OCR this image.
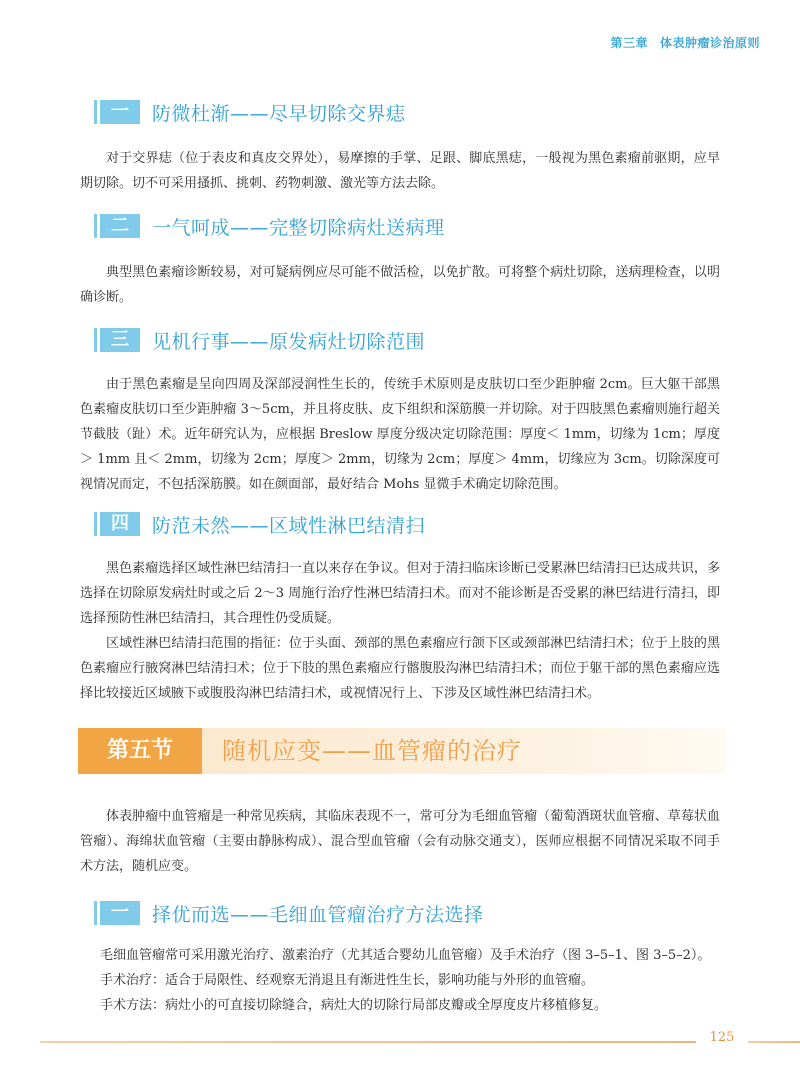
第三章 体表肿瘤诊治原则
一	防微杜渐——尽早切除交界痣

对于交界痣（位于表皮和真皮交界处），易摩擦的手掌、足跟、脚底黑痣，一般视为黑色素瘤前驱期，应早期切除。切不可采用搔抓、挑刺、药物刺激、激光等方法去除。

二	一气呵成——完整切除病灶送病理

典型黑色素瘤诊断较易，对可疑病例应尽可能不做活检，以免扩散。可将整个病灶切除，送病理检查，以明确诊断。

三	见机行事——原发病灶切除范围

由于黑色素瘤是呈向四周及深部浸润性生长的，传统手术原则是皮肤切口至少距肿瘤 2cm。巨大躯干部黑色素瘤皮肤切口至少距肿瘤 3～5cm，并且将皮肤、皮下组织和深筋膜一并切除。对于四肢黑色素瘤则施行超关节截肢（趾）术。近年研究认为，应根据 Breslow 厚度分级决定切除范围：厚度＜ 1mm，切缘为 1cm；厚度＞ 1mm 且＜ 2mm，切缘为 2cm；厚度＞ 2mm，切缘为 2cm；厚度＞ 4mm，切缘应为 3cm。切除深度可视情况而定，不包括深筋膜。如在颜面部，最好结合 Mohs 显微手术确定切除范围。

四	防范未然——区域性淋巴结清扫

黑色素瘤选择区域性淋巴结清扫一直以来存在争议。但对于清扫临床诊断已受累淋巴结清扫已达成共识，多选择在切除原发病灶时或之后 2～3 周施行治疗性淋巴结清扫术。而对不能诊断是否受累的淋巴结进行清扫，即选择预防性淋巴结清扫，其合理性仍受质疑。

区域性淋巴结清扫范围的指征：位于头面、颈部的黑色素瘤应行颌下区或颈部淋巴结清扫术；位于上肢的黑色素瘤应行腋窝淋巴结清扫术；位于下肢的黑色素瘤应行髂腹股沟淋巴结清扫术；而位于躯干部的黑色素瘤应选择比较接近区域腋下或腹股沟淋巴结清扫术，或视情况行上、下涉及区域性淋巴结清扫术。

第五节	随机应变——血管瘤的治疗

体表肿瘤中血管瘤是一种常见疾病，其临床表现不一，常可分为毛细血管瘤（葡萄酒斑状血管瘤、草莓状血管瘤）、海绵状血管瘤（主要由静脉构成）、混合型血管瘤（会有动脉交通支），医师应根据不同情况采取不同手术方法，随机应变。

一	择优而选——毛细血管瘤治疗方法选择

毛细血管瘤常可采用激光治疗、激素治疗（尤其适合婴幼儿血管瘤）及手术治疗（图 3–5–1、图 3–5–2）。

手术治疗：适合于局限性、经观察无消退且有渐进性生长，影响功能与外形的血管瘤。

手术方法：病灶小的可直接切除缝合，病灶大的切除行局部皮瓣或全厚度皮片移植修复。

125
